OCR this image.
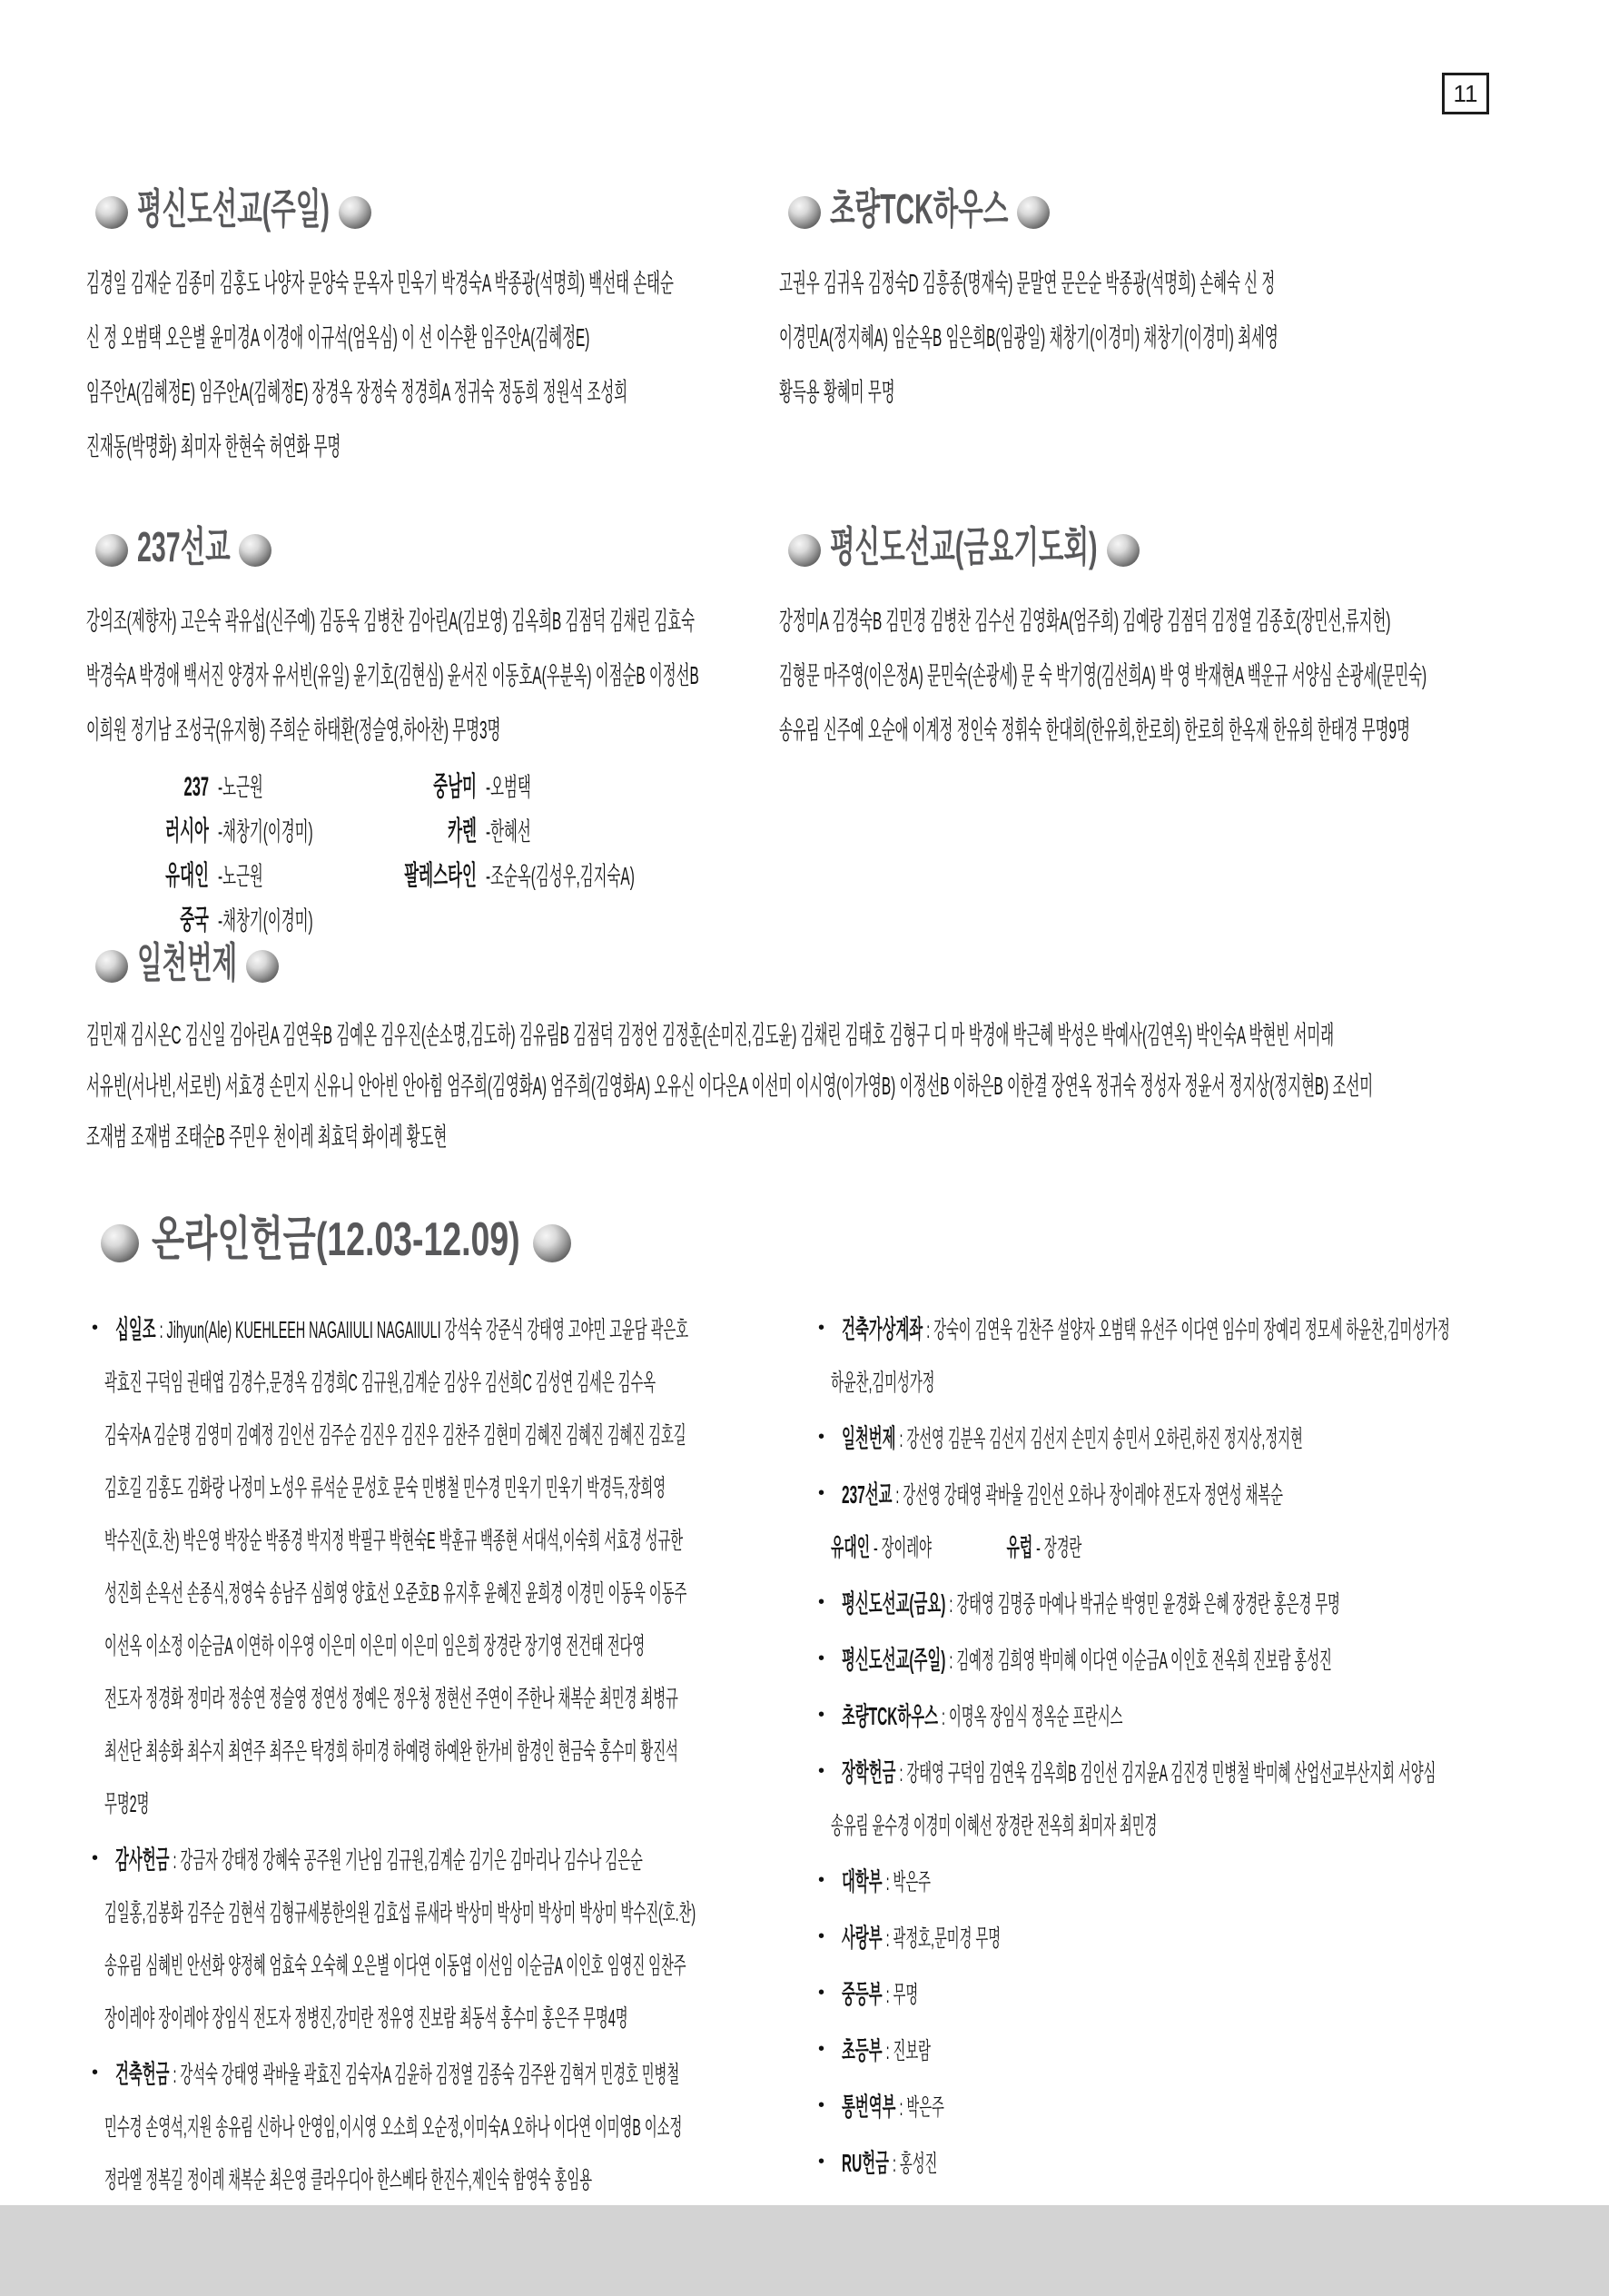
11
평신도선교(주일)
김경일 김재순 김종미 김홍도 나양자 문양숙 문옥자 민욱기 박경숙A 박종광(석명희) 백선태 손태순
신 정 오범택 오은별 윤미경A 이경애 이규석(엄옥심) 이 선 이수환 임주안A(김혜정E)
임주안A(김혜정E) 임주안A(김혜정E) 장경옥 장정숙 정경희A 정귀숙 정동희 정원석 조성희
진재동(박명화) 최미자 한현숙 허연화 무명
초량TCK하우스
고권우 김귀옥 김정숙D 김흥종(명재숙) 문말연 문은순 박종광(석명희) 손혜숙 신 정
이경민A(정지혜A) 임순옥B 임은희B(임광일) 채창기(이경미) 채창기(이경미) 최세영
황득용 황혜미 무명
237선교
강의조(제향자) 고은숙 곽유섭(신주예) 김동욱 김병찬 김아린A(김보영) 김옥희B 김점덕 김채린 김효숙
박경숙A 박경애 백서진 양경자 유서빈(유일) 윤기호(김현심) 윤서진 이동호A(우분옥) 이점순B 이정선B
이희원 정기남 조성국(유지형) 주희순 하태환(정슬영,하아찬) 무명3명
237 -노근원	중남미 -오범택
러시아 -채창기(이경미)	카렌 -한혜선
유대인 -노근원	팔레스타인 -조순옥(김성우,김지숙A)
중국 -채창기(이경미)
평신도선교(금요기도회)
강정미A 김경숙B 김민경 김병찬 김수선 김영화A(엄주희) 김예랑 김점덕 김정열 김종호(장민선,류지헌)
김형문 마주영(이은정A) 문민숙(손광세) 문 숙 박기영(김선희A) 박 영 박재현A 백운규 서양심 손광세(문민숙)
송유림 신주예 오순애 이계정 정인숙 정휘숙 한대희(한유희,한로희) 한로희 한옥재 한유희 한태경 무명9명
일천번제
김민재 김시온C 김신일 김아린A 김연욱B 김예온 김우진(손소명,김도하) 김유림B 김점덕 김정언 김정훈(손미진,김도윤) 김채린 김태호 김형구 디 마 박경애 박근혜 박성은 박예사(김연옥) 박인숙A 박현빈 서미래
서유빈(서나빈,서로빈) 서효경 손민지 신유니 안아빈 안아힘 엄주희(김영화A) 엄주희(김영화A) 오유신 이다은A 이선미 이시영(이가영B) 이정선B 이하은B 이한결 장연옥 정귀숙 정성자 정윤서 정지상(정지현B) 조선미
조재범 조재범 조태순B 주민우 천이레 최효덕 화이레 황도현
온라인헌금(12.03-12.09)
• 십일조 : Jihyun(Ale) KUEHLEEH NAGAIIULI NAGAIIULI 강석숙 강준식 강태영 고야민 고윤담 곽은호
곽효진 구덕임 권태엽 김경수,문경옥 김경희C 김규원,김계순 김상우 김선희C 김성연 김세은 김수옥
김숙자A 김순명 김영미 김예정 김인선 김주순 김진우 김진우 김찬주 김현미 김혜진 김혜진 김혜진 김호길
김호길 김홍도 김화랑 나정미 노성우 류석순 문성호 문숙 민병철 민수경 민욱기 민욱기 박경득,장희영
박수진(호.찬) 박은영 박장순 박종경 박지정 박필구 박현숙E 박훈규 백종현 서대석,이숙희 서효경 성규한
성진희 손옥선 손종식,정영숙 송남주 심희영 양효선 오준호B 유지후 윤혜진 윤희경 이경민 이동욱 이동주
이선옥 이소정 이순금A 이연하 이우영 이은미 이은미 이은미 임은희 장경란 장기영 전건태 전다영
전도자 정경화 정미라 정송연 정슬영 정연성 정예은 정우청 정현선 주연이 주한나 채복순 최민경 최병규
최선단 최송화 최수지 최연주 최주은 탁경희 하미경 하예령 하예완 한가비 함경인 현금숙 홍수미 황진석
무명2명
• 감사헌금 : 강금자 강태정 강혜숙 공주원 기난임 김규원,김계순 김기은 김마리나 김수나 김은순
김일홍,김봉화 김주순 김현석 김형규세봉한의원 김효섭 류새라 박상미 박상미 박상미 박상미 박수진(호.찬)
송유림 심혜빈 안선화 양정혜 엄효숙 오숙혜 오은별 이다연 이동엽 이선임 이순금A 이인호 임영진 임찬주
장이레야 장이레야 장임식 전도자 정병진,강미란 정유영 진보람 최동석 홍수미 홍은주 무명4명
• 건축헌금 : 강석숙 강태영 곽바울 곽효진 김숙자A 김윤하 김정열 김종숙 김주완 김혁거 민경호 민병철
민수경 손영석,지원 송유림 신하나 안영임,이시영 오소희 오순정,이미숙A 오하나 이다연 이미영B 이소정
정라엘 정복길 정이레 채복순 최은영 클라우디아 한스베타 한진수,제인숙 함영숙 홍임용
• 건축가상계좌 : 강숙이 김연욱 김찬주 설양자 오범택 유선주 이다연 임수미 장예리 정모세 하윤찬,김미성가정
하윤찬,김미성가정
• 일천번제 : 강선영 김분옥 김선지 김선지 손민지 송민서 오하린,하진 정지상,정지현
• 237선교 : 강선영 강태영 곽바울 김인선 오하나 장이레야 전도자 정연성 채복순
유대인 - 장이레야	유럽 - 장경란
• 평신도선교(금요) : 강태영 김명중 마예나 박귀순 박영민 윤경화 은혜 장경란 홍은경 무명
• 평신도선교(주일) : 김예정 김희영 박미혜 이다연 이순금A 이인호 전옥희 진보람 홍성진
• 초량TCK하우스 : 이명옥 장임식 정옥순 프란시스
• 장학헌금 : 강태영 구덕임 김연욱 김옥희B 김인선 김지윤A 김진경 민병철 박미혜 산업선교부산지회 서양심
송유림 윤수경 이경미 이혜선 장경란 전옥희 최미자 최민경
• 대학부 : 박은주
• 사랑부 : 곽정호,문미경 무명
• 중등부 : 무명
• 초등부 : 진보람
• 통번역부 : 박은주
• RU헌금 : 홍성진
